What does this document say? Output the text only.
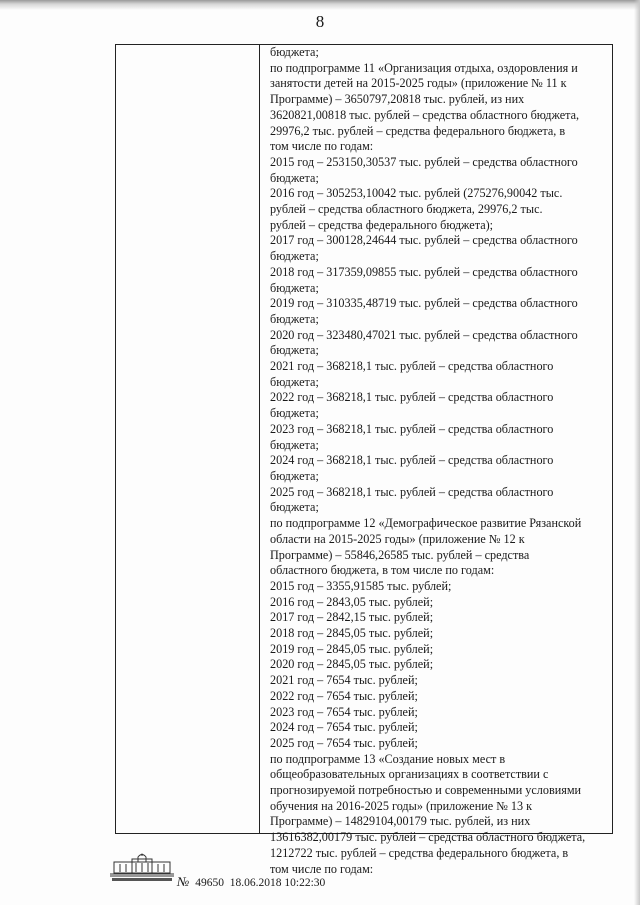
8
бюджета;
по подпрограмме 11 «Организация отдыха, оздоровления и
занятости детей на 2015-2025 годы» (приложение № 11 к
Программе) – 3650797,20818 тыс. рублей, из них
3620821,00818 тыс. рублей – средства областного бюджета,
29976,2 тыс. рублей – средства федерального бюджета, в
том числе по годам:
2015 год – 253150,30537 тыс. рублей – средства областного
бюджета;
2016 год – 305253,10042 тыс. рублей (275276,90042 тыс.
рублей – средства областного бюджета, 29976,2 тыс.
рублей – средства федерального бюджета);
2017 год – 300128,24644 тыс. рублей – средства областного
бюджета;
2018 год – 317359,09855 тыс. рублей – средства областного
бюджета;
2019 год – 310335,48719 тыс. рублей – средства областного
бюджета;
2020 год – 323480,47021 тыс. рублей – средства областного
бюджета;
2021 год – 368218,1 тыс. рублей – средства областного
бюджета;
2022 год – 368218,1 тыс. рублей – средства областного
бюджета;
2023 год – 368218,1 тыс. рублей – средства областного
бюджета;
2024 год – 368218,1 тыс. рублей – средства областного
бюджета;
2025 год – 368218,1 тыс. рублей – средства областного
бюджета;
по подпрограмме 12 «Демографическое развитие Рязанской
области на 2015-2025 годы» (приложение № 12 к
Программе) – 55846,26585 тыс. рублей – средства
областного бюджета, в том числе по годам:
2015 год – 3355,91585 тыс. рублей;
2016 год – 2843,05 тыс. рублей;
2017 год – 2842,15 тыс. рублей;
2018 год – 2845,05 тыс. рублей;
2019 год – 2845,05 тыс. рублей;
2020 год – 2845,05 тыс. рублей;
2021 год – 7654 тыс. рублей;
2022 год – 7654 тыс. рублей;
2023 год – 7654 тыс. рублей;
2024 год – 7654 тыс. рублей;
2025 год – 7654 тыс. рублей;
по подпрограмме 13 «Создание новых мест в
общеобразовательных организациях в соответствии с
прогнозируемой потребностью и современными условиями
обучения на 2016-2025 годы» (приложение № 13 к
Программе) – 14829104,00179 тыс. рублей, из них
13616382,00179 тыс. рублей – средства областного бюджета,
1212722 тыс. рублей – средства федерального бюджета, в
том числе по годам:
№ 49650 18.06.2018 10:22:30
